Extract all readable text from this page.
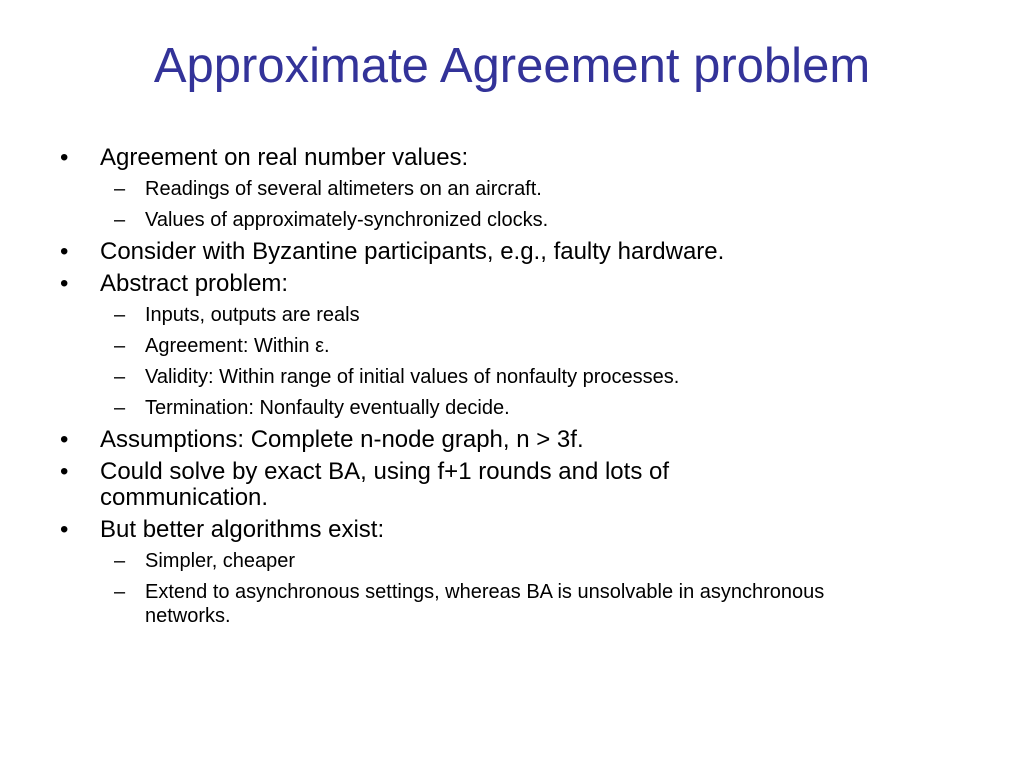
Approximate Agreement problem
• Agreement on real number values:
– Readings of several altimeters on an aircraft.
– Values of approximately-synchronized clocks.
• Consider with Byzantine participants, e.g., faulty hardware.
• Abstract problem:
– Inputs, outputs are reals
– Agreement: Within ε.
– Validity: Within range of initial values of nonfaulty processes.
– Termination: Nonfaulty eventually decide.
• Assumptions: Complete n-node graph, n > 3f.
• Could solve by exact BA, using f+1 rounds and lots of communication.
• But better algorithms exist:
– Simpler, cheaper
– Extend to asynchronous settings, whereas BA is unsolvable in asynchronous networks.
